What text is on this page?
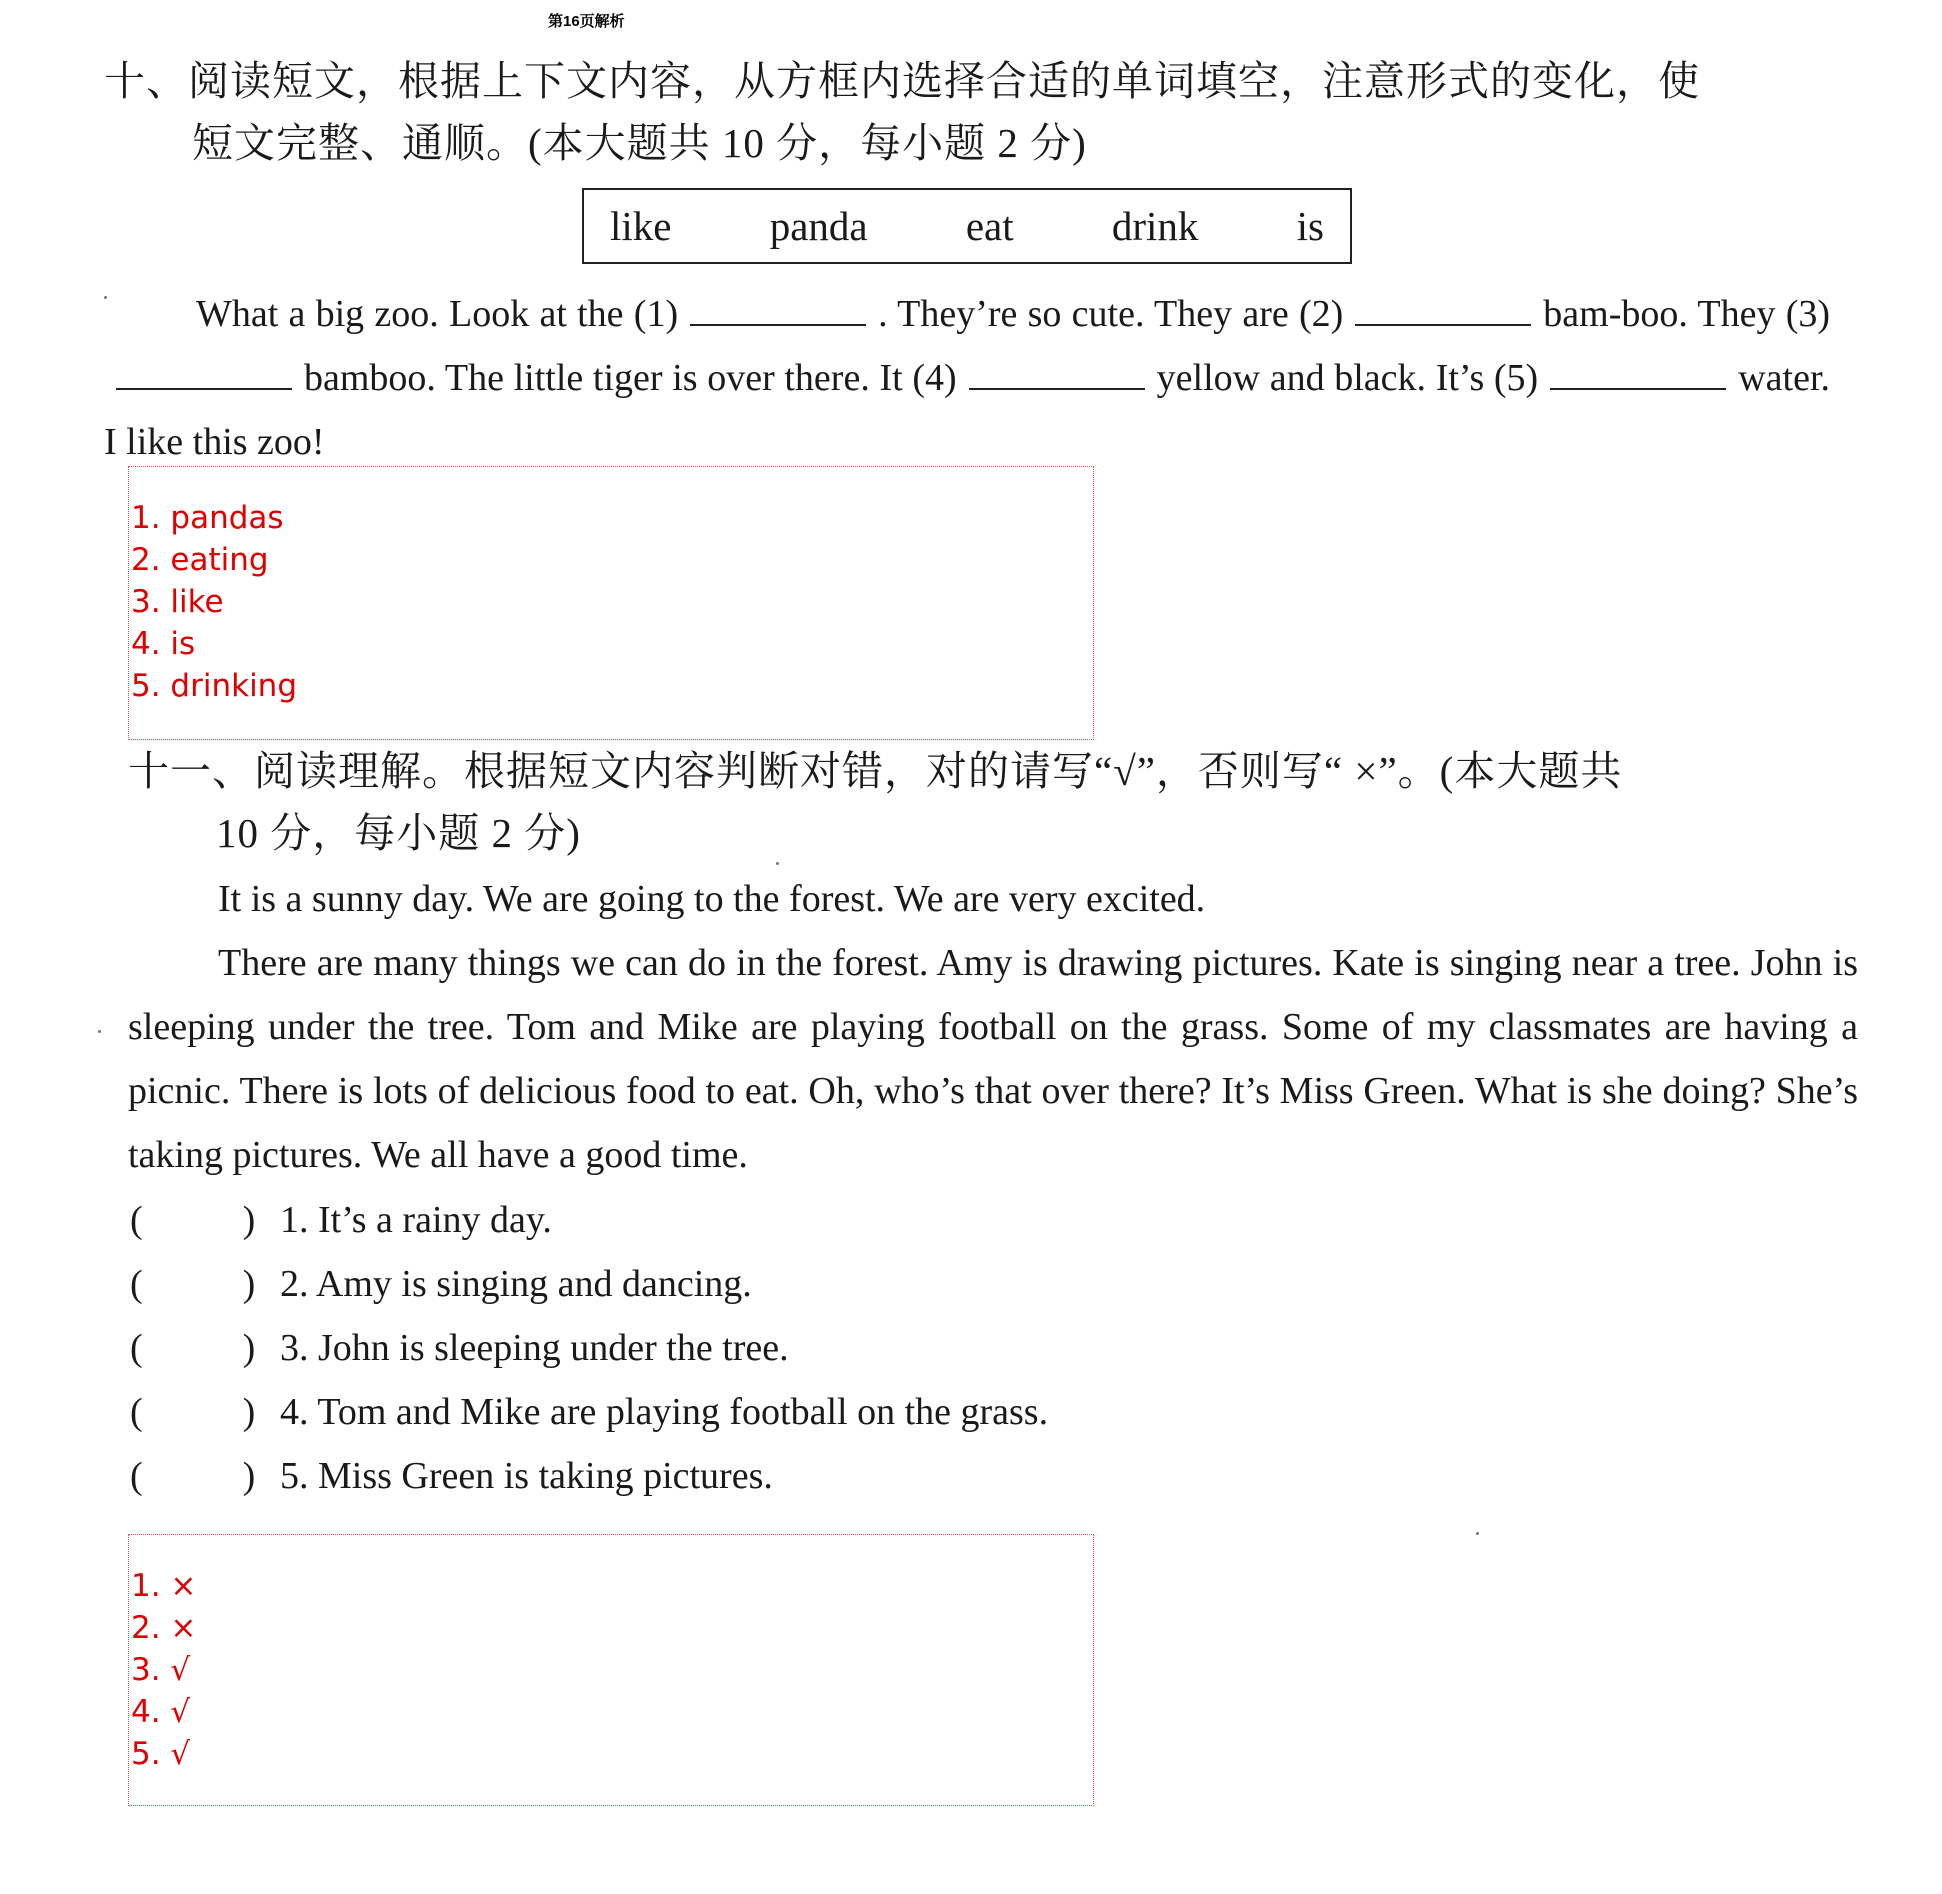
第16页解析
十、阅读短文，根据上下文内容，从方框内选择合适的单词填空，注意形式的变化，使
短文完整、通顺。(本大题共 10 分，每小题 2 分)
like panda eat drink is
What a big zoo. Look at the (1)	. They’re so cute. They are (2)	bam-boo. They (3)bamboo. The little tiger is over there. It (4)	yellow and black. It’s (5)	water. I like this zoo!
1. pandas
2. eating
3. like
4. is
5. drinking
十一、阅读理解。根据短文内容判断对错，对的请写“√”，否则写“ ×”。(本大题共
10 分，每小题 2 分)
It is a sunny day. We are going to the forest. We are very excited.
There are many things we can do in the forest. Amy is drawing pictures. Kate is singing near a tree. John is sleeping under the tree. Tom and Mike are playing football on the grass. Some of my classmates are having a picnic. There is lots of delicious food to eat. Oh, who’s that over there? It’s Miss Green. What is she doing? She’s taking pictures. We all have a good time.
(	) 1. It’s a rainy day.
(	) 2. Amy is singing and dancing.
(	) 3. John is sleeping under the tree.
(	) 4. Tom and Mike are playing football on the grass.
(	) 5. Miss Green is taking pictures.
1. ×
2. ×
3. √
4. √
5. √
